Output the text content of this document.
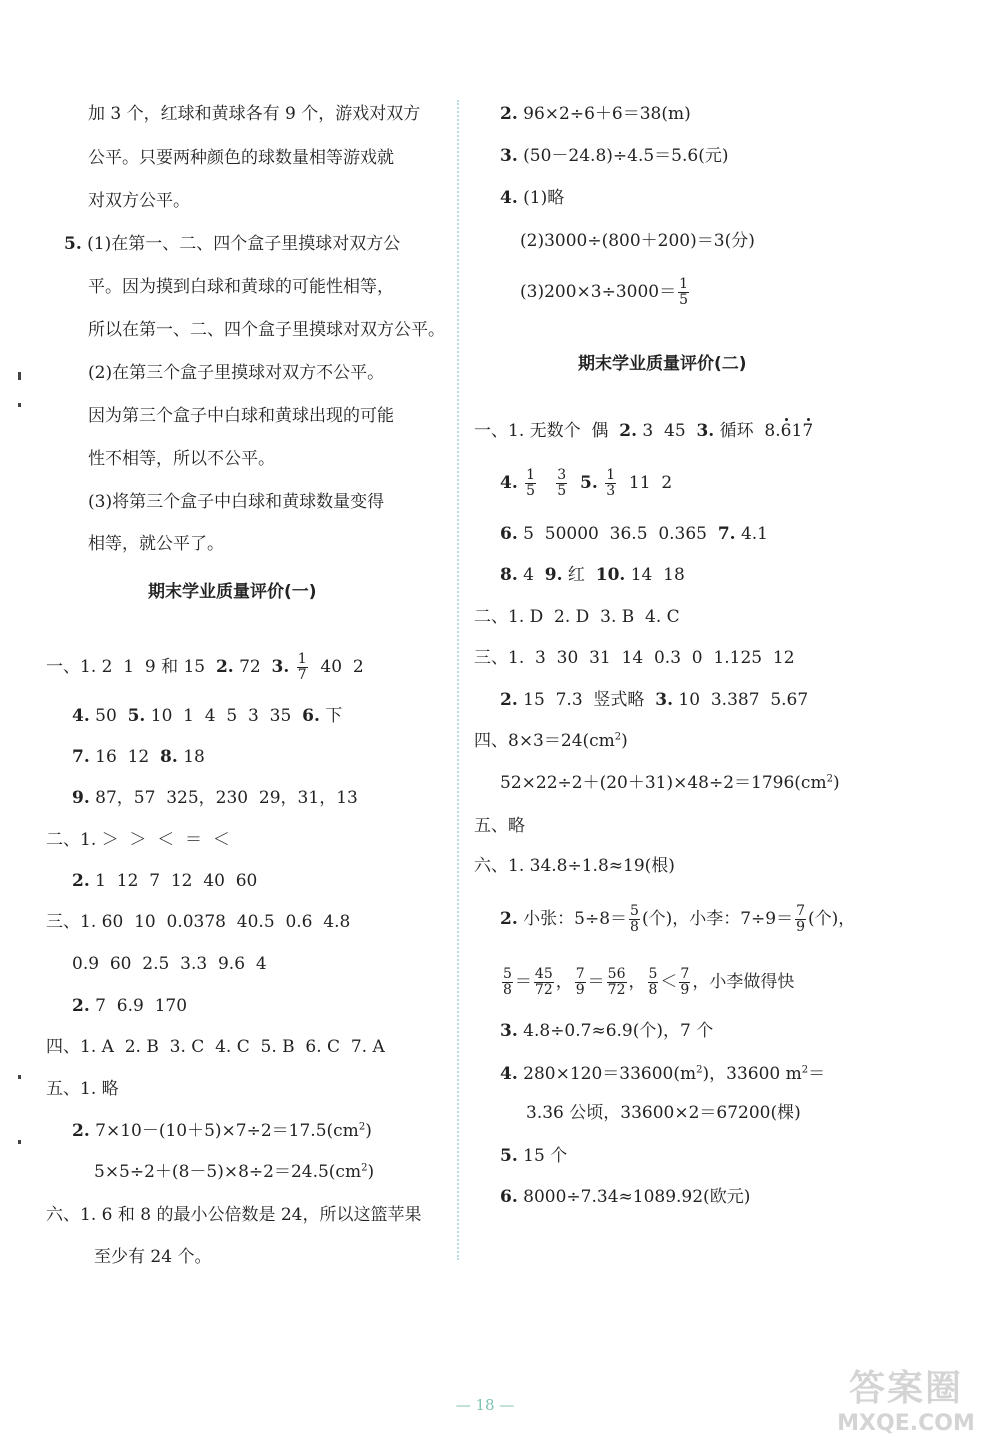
加 3 个，红球和黄球各有 9 个，游戏对双方
公平。只要两种颜色的球数量相等游戏就
对双方公平。
5. (1)在第一、二、四个盒子里摸球对双方公
平。因为摸到白球和黄球的可能性相等，
所以在第一、二、四个盒子里摸球对双方公平。
(2)在第三个盒子里摸球对双方不公平。
因为第三个盒子中白球和黄球出现的可能
性不相等，所以不公平。
(3)将第三个盒子中白球和黄球数量变得
相等，就公平了。
期末学业质量评价(一)
一、1. 2  1  9 和 15  2. 72  3. $\frac{1}{7} 40$  2
4. 50  5. 10  1  4  5  3  35  6. 下
7. 16  12  8. 18
9. 87，57  325，230  29，31，13
二、1. ＞  ＞  ＜  ＝  ＜
2. 1  12  7  12  40  60
三、1. 60  10  0.0378  40.5  0.6  4.8
0.9  60  2.5  3.3  9.6  4
2. 7  6.9  170
四、1. A  2. B  3. C  4. C  5. B  6. C  7. A
五、1. 略
2. $7\times 10-(10+5)\times 7\div 2=17.5(cm^2)$
$5\times 5\div 2+(8-5)\times 8\div 2=24.5(cm^2)$
六、1. 6 和 8 的最小公倍数是 24，所以这篮苹果
至少有 24 个。
2. 96×2÷6＋6＝38(m)
3. (50－24.8)÷4.5＝5.6(元)
4. (1)略
(2)3000÷(800＋200)＝3(分)
$(3)200\times 3\div 3000= \frac{1}{5}$
期末学业质量评价(二)
一、1. 无数个  偶  2. 3  45  3. 循环  8.617
4. $\frac{1}{5}$
$\frac{3}{5} 5$. $\frac{1}{3} 11$  2
6. 5  50000  36.5  0.365  7. 4.1
8. 4  9. 红  10. 14  18
二、1. D  2. D  3. B  4. C
三、1.  3  30  31  14  0.3  0  1.125  12
2. 15  7.3  竖式略  3. 10  3.387  5.67
四、$8\times 3=24(cm^2)$
$52\times 22\div 2+(20+31)\times 48\div 2=1796(cm^2)$
五、略
六、1. 34.8÷1.8≈19(根)
2. 小张：$5\div 8= \frac{5}{8}$ (个)，小李：$7\div 9= \frac{7}{9}$ (个)，
$\frac{5}{8} = \frac{45}{72}$ ， $\frac{7}{9} = \frac{56}{72}$ ， $\frac{5}{8} < \frac{7}{9}$ ，小李做得快
3. 4.8÷0.7≈6.9(个)，7 个
4. $280\times 120=33600(m^2)$，33600 $m^2=$
3.36 公顷，33600×2＝67200(棵)
5. 15 个
6. 8000÷7.34≈1089.92(欧元)
— 18 —	答案圈
MXQE.COM
